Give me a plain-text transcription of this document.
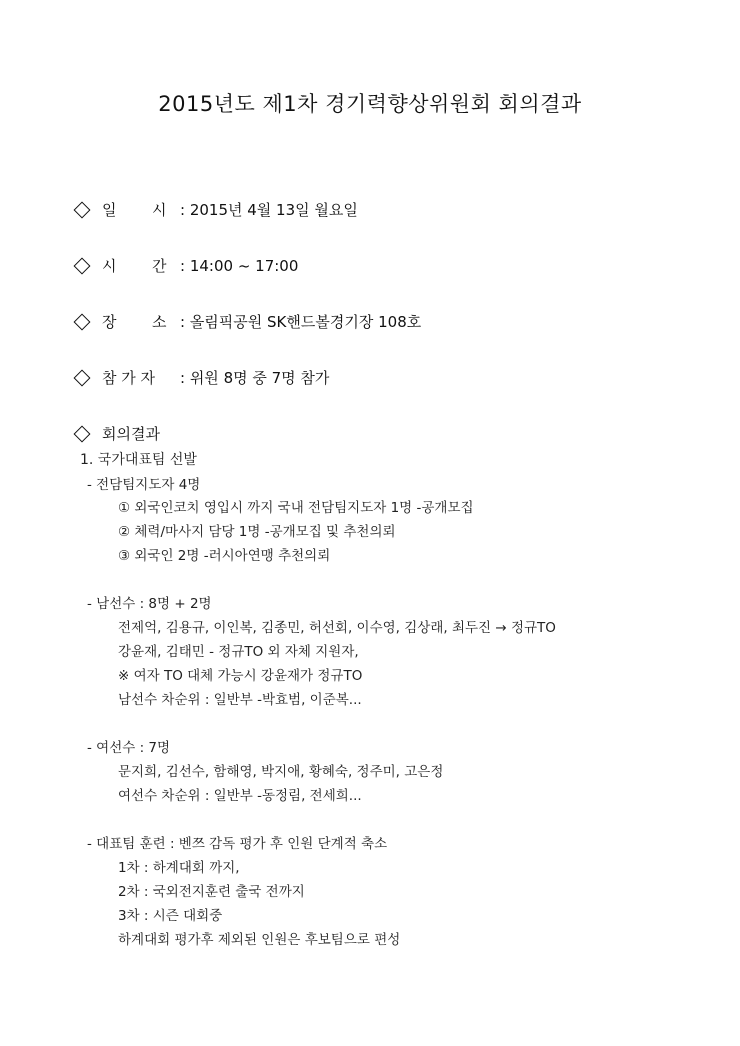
2015년도 제1차 경기력향상위원회 회의결과
일 시 : 2015년 4월 13일 월요일
시 간 : 14:00 ~ 17:00
장 소 : 올림픽공원 SK핸드볼경기장 108호
참 가 자 : 위원 8명 중 7명 참가
회의결과
1. 국가대표팀 선발
- 전담팀지도자 4명
① 외국인코치 영입시 까지 국내 전담팀지도자 1명 -공개모집
② 체력/마사지 담당 1명 -공개모집 및 추천의뢰
③ 외국인 2명 -러시아연맹 추천의뢰
- 남선수 : 8명 + 2명
전제억, 김용규, 이인복, 김종민, 허선회, 이수영, 김상래, 최두진 → 정규TO
강윤재, 김태민 - 정규TO 외 자체 지원자,
※ 여자 TO 대체 가능시 강윤재가 정규TO
남선수 차순위 : 일반부 -박효범, 이준복...
- 여선수 : 7명
문지희, 김선수, 함해영, 박지애, 황혜숙, 정주미, 고은정
여선수 차순위 : 일반부 -동정림, 전세희...
- 대표팀 훈련 : 벤쯔 감독 평가 후 인원 단계적 축소
1차 : 하계대회 까지,
2차 : 국외전지훈련 출국 전까지
3차 : 시즌 대회중
하계대회 평가후 제외된 인원은 후보팀으로 편성
